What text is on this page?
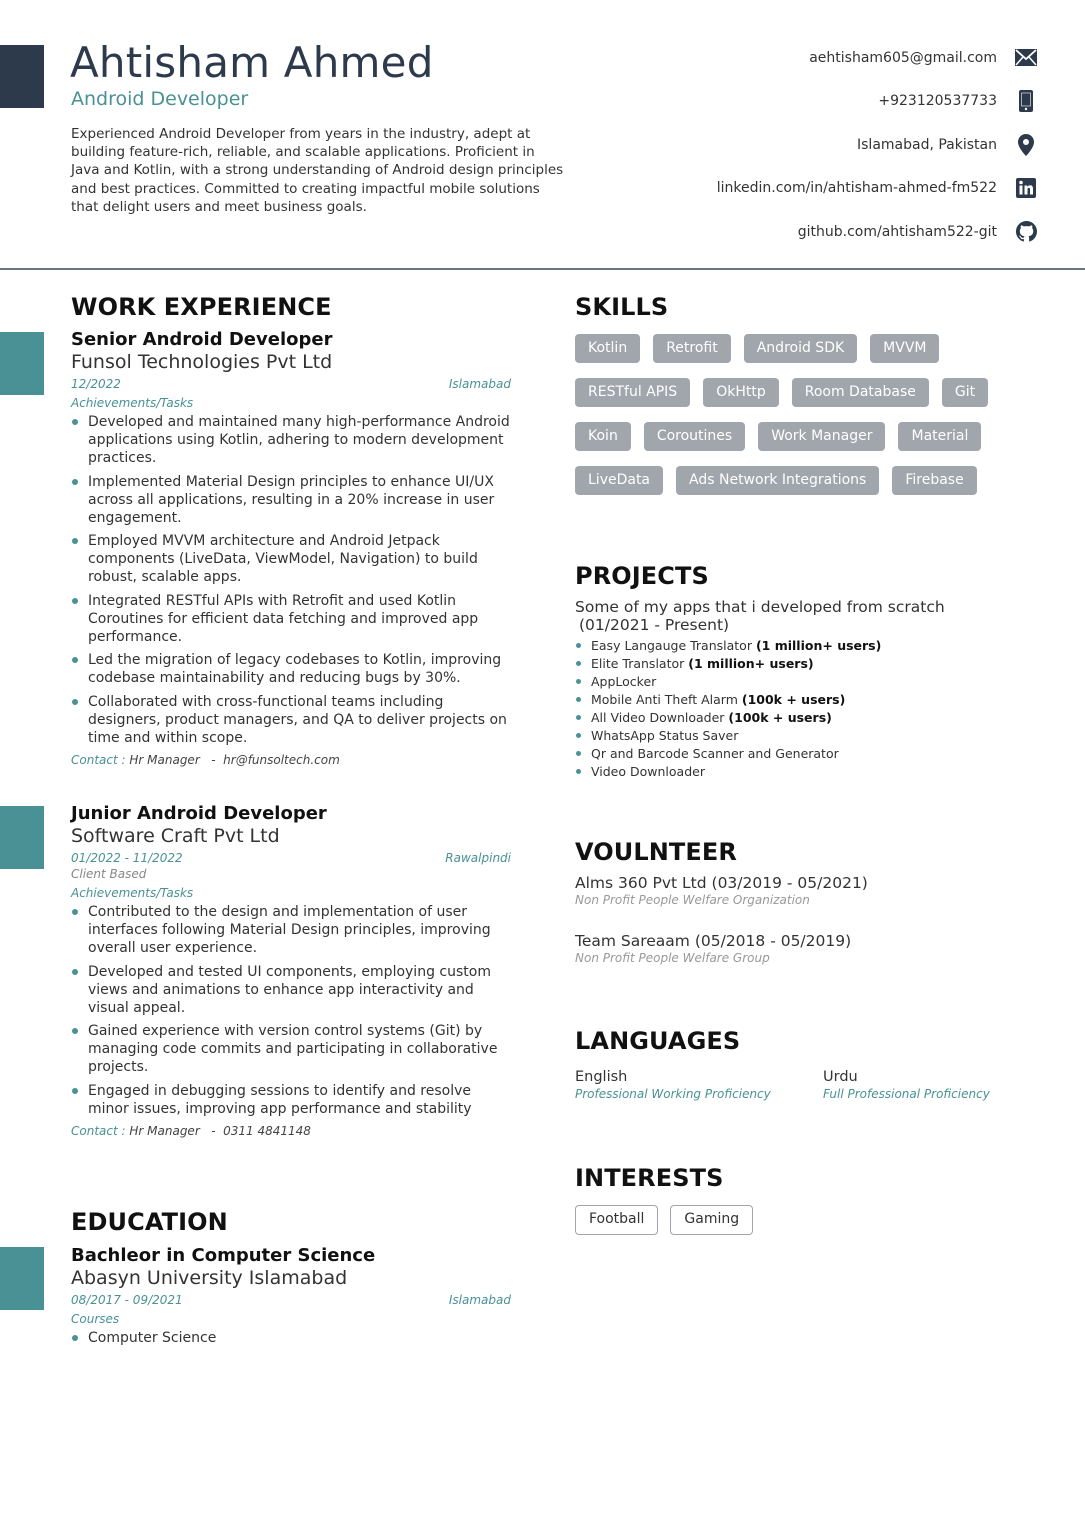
Ahtisham Ahmed
Android Developer
Experienced Android Developer from years in the industry, adept at building feature-rich, reliable, and scalable applications. Proficient in Java and Kotlin, with a strong understanding of Android design principles and best practices. Committed to creating impactful mobile solutions that delight users and meet business goals.
aehtisham605@gmail.com
+923120537733
Islamabad, Pakistan
linkedin.com/in/ahtisham-ahmed-fm522
github.com/ahtisham522-git
WORK EXPERIENCE
Senior Android Developer
Funsol Technologies Pvt Ltd
12/2022	Islamabad
Achievements/Tasks
Developed and maintained many high-performance Android applications using Kotlin, adhering to modern development practices.
Implemented Material Design principles to enhance UI/UX across all applications, resulting in a 20% increase in user engagement.
Employed MVVM architecture and Android Jetpack components (LiveData, ViewModel, Navigation) to build robust, scalable apps.
Integrated RESTful APIs with Retrofit and used Kotlin Coroutines for efficient data fetching and improved app performance.
Led the migration of legacy codebases to Kotlin, improving codebase maintainability and reducing bugs by 30%.
Collaborated with cross-functional teams including designers, product managers, and QA to deliver projects on time and within scope.
Contact : Hr Manager   -  hr@funsoltech.com
Junior Android Developer
Software Craft Pvt Ltd
01/2022 - 11/2022	Rawalpindi
Client Based
Achievements/Tasks
Contributed to the design and implementation of user interfaces following Material Design principles, improving overall user experience.
Developed and tested UI components, employing custom views and animations to enhance app interactivity and visual appeal.
Gained experience with version control systems (Git) by managing code commits and participating in collaborative projects.
Engaged in debugging sessions to identify and resolve minor issues, improving app performance and stability
Contact : Hr Manager   -  0311 4841148
EDUCATION
Bachleor in Computer Science
Abasyn University Islamabad
08/2017 - 09/2021	Islamabad
Courses
Computer Science
SKILLS
Kotlin	Retrofit	Android SDK	MVVM
RESTful APIS	OkHttp	Room Database	Git
Koin	Coroutines	Work Manager	Material
LiveData	Ads Network Integrations	Firebase
PROJECTS
Some of my apps that i developed from scratch
(01/2021 - Present)
Easy Langauge Translator (1 million+ users)
Elite Translator (1 million+ users)
AppLocker
Mobile Anti Theft Alarm (100k + users)
All Video Downloader (100k + users)
WhatsApp Status Saver
Qr and Barcode Scanner and Generator
Video Downloader
VOULNTEER
Alms 360 Pvt Ltd (03/2019 - 05/2021)
Non Profit People Welfare Organization
Team Sareaam (05/2018 - 05/2019)
Non Profit People Welfare Group
LANGUAGES
English
Professional Working Proficiency
Urdu
Full Professional Proficiency
INTERESTS
Football	Gaming
